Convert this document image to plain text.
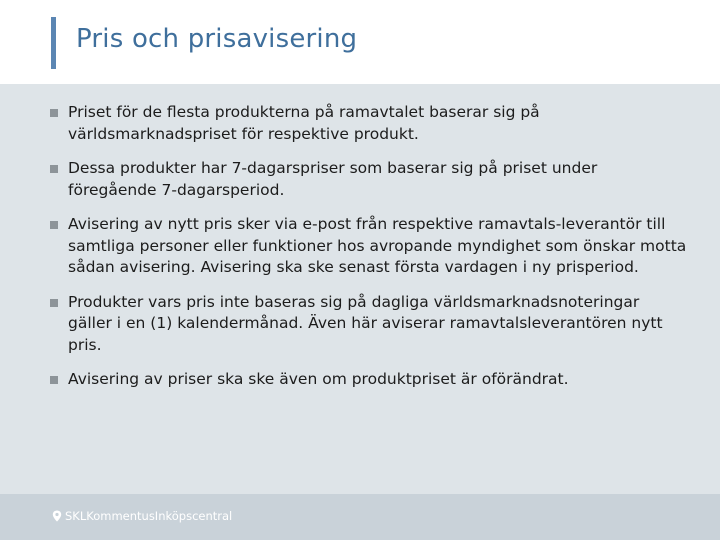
Pris och prisavisering
Priset för de flesta produkterna på ramavtalet baserar sig på världsmarknadspriset för respektive produkt.
Dessa produkter har 7-dagarspriser som baserar sig på priset under föregående 7-dagarsperiod.
Avisering av nytt pris sker via e-post från respektive ramavtals-leverantör till samtliga personer eller funktioner hos avropande myndighet som önskar motta sådan avisering. Avisering ska ske senast första vardagen i ny prisperiod.
Produkter vars pris inte baseras sig på dagliga världsmarknadsnoteringar gäller i en (1) kalendermånad. Även här aviserar ramavtalsleverantören nytt pris.
Avisering av priser ska ske även om produktpriset är oförändrat.
SKLKommentusInköpscentral
